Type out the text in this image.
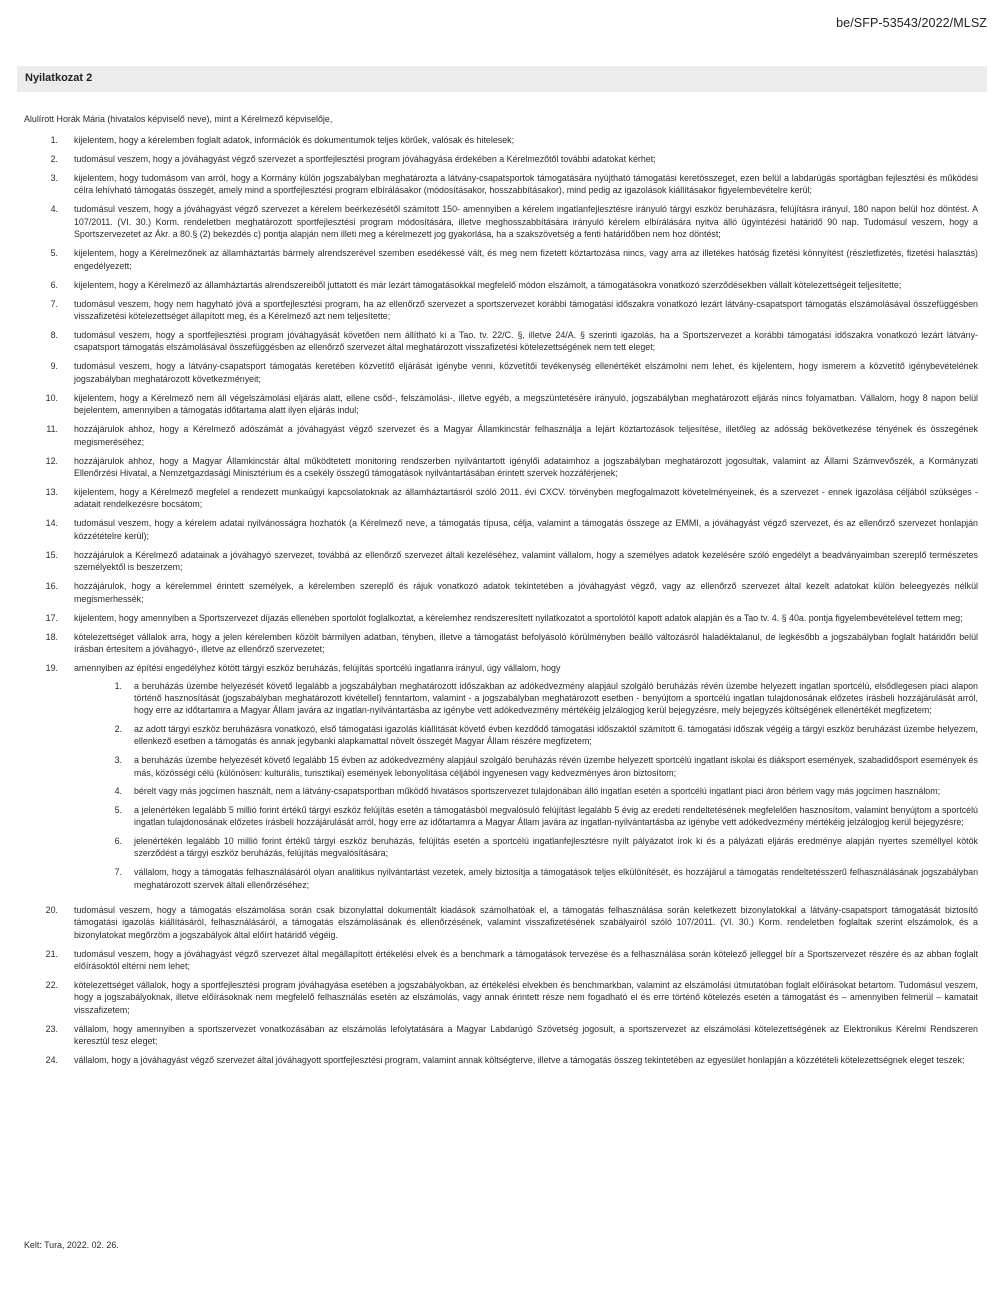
be/SFP-53543/2022/MLSZ
Nyilatkozat 2
Alulírott Horák Mária (hivatalos képviselő neve), mint a Kérelmező képviselője,
1.	kijelentem, hogy a kérelemben foglalt adatok, információk és dokumentumok teljes körűek, valósak és hitelesek;
2.	tudomásul veszem, hogy a jóváhagyást végző szervezet a sportfejlesztési program jóváhagyása érdekében a Kérelmezőtől további adatokat kérhet;
3.	kijelentem, hogy tudomásom van arról, hogy a Kormány külön jogszabályban meghatározta a látvány-csapatsportok támogatására nyújtható támogatási keretösszeget, ezen belül a labdarúgás sportágban fejlesztési és működési célra lehívható támogatás összegét, amely mind a sportfejlesztési program elbírálásakor (módosításakor, hosszabbításakor), mind pedig az igazolások kiállításakor figyelembevételre kerül;
4.	tudomásul veszem, hogy a jóváhagyást végző szervezet a kérelem beérkezésétől számított 150- amennyiben a kérelem ingatlanfejlesztésre irányuló tárgyi eszköz beruházásra, felújításra irányul, 180 napon belül hoz döntést. A 107/2011. (VI. 30.) Korm. rendeletben meghatározott sportfejlesztési program módosítására, illetve meghosszabbítására irányuló kérelem elbírálására nyitva álló ügyintézési határidő 90 nap. Tudomásul veszem, hogy a Sportszervezetet az Ákr. a 80.§ (2) bekezdés c) pontja alapján nem illeti meg a kérelmezett jog gyakorlása, ha a szakszövetség a fenti határidőben nem hoz döntést;
5.	kijelentem, hogy a Kérelmezőnek az államháztartás bármely alrendszerével szemben esedékessé vált, és meg nem fizetett köztartozása nincs, vagy arra az illetékes hatóság fizetési könnyítést (részletfizetés, fizetési halasztás) engedélyezett;
6.	kijelentem, hogy a Kérelmező az államháztartás alrendszereiből juttatott és már lezárt támogatásokkal megfelelő módon elszámolt, a támogatásokra vonatkozó szerződésekben vállalt kötelezettségeit teljesítette;
7.	tudomásul veszem, hogy nem hagyható jóvá a sportfejlesztési program, ha az ellenőrző szervezet a sportszervezet korábbi támogatási időszakra vonatkozó lezárt látvány-csapatsport támogatás elszámolásával összefüggésben visszafizetési kötelezettséget állapított meg, és a Kérelmező azt nem teljesítette;
8.	tudomásul veszem, hogy a sportfejlesztési program jóváhagyását követően nem állítható ki a Tao. tv. 22/C. §, illetve 24/A. § szerinti igazolás, ha a Sportszervezet a korábbi támogatási időszakra vonatkozó lezárt látvány-csapatsport támogatás elszámolásával összefüggésben az ellenőrző szervezet által meghatározott visszafizetési kötelezettségének nem tett eleget;
9.	tudomásul veszem, hogy a látvány-csapatsport támogatás keretében közvetítő eljárását igénybe venni, közvetítői tevékenység ellenértékét elszámolni nem lehet, és kijelentem, hogy ismerem a közvetítő igénybevételének jogszabályban meghatározott következményeit;
10.	kijelentem, hogy a Kérelmező nem áll végelszámolási eljárás alatt, ellene csőd-, felszámolási-, illetve egyéb, a megszüntetésére irányuló, jogszabályban meghatározott eljárás nincs folyamatban. Vállalom, hogy 8 napon belül bejelentem, amennyiben a támogatás időtartama alatt ilyen eljárás indul;
11.	hozzájárulok ahhoz, hogy a Kérelmező adószámát a jóváhagyást végző szervezet és a Magyar Államkincstár felhasználja a lejárt köztartozások teljesítése, illetőleg az adósság bekövetkezése tényének és összegének megismeréséhez;
12.	hozzájárulok ahhoz, hogy a Magyar Államkincstár által működtetett monitoring rendszerben nyilvántartott igénylői adataimhoz a jogszabályban meghatározott jogosultak, valamint az Állami Számvevőszék, a Kormányzati Ellenőrzési Hivatal, a Nemzetgazdasági Minisztérium és a csekély összegű támogatások nyilvántartásában érintett szervek hozzáférjenek;
13.	kijelentem, hogy a Kérelmező megfelel a rendezett munkaügyi kapcsolatoknak az államháztartásról szóló 2011. évi CXCV. törvényben megfogalmazott követelményeinek, és a szervezet - ennek igazolása céljából szükséges - adatait rendelkezésre bocsátom;
14.	tudomásul veszem, hogy a kérelem adatai nyilvánosságra hozhatók (a Kérelmező neve, a támogatás típusa, célja, valamint a támogatás összege az EMMI, a jóváhagyást végző szervezet, és az ellenőrző szervezet honlapján közzétételre kerül);
15.	hozzájárulok a Kérelmező adatainak a jóváhagyó szervezet, továbbá az ellenőrző szervezet általi kezeléséhez, valamint vállalom, hogy a személyes adatok kezelésére szóló engedélyt a beadványaimban szereplő természetes személyektől is beszerzem;
16.	hozzájárulok, hogy a kérelemmel érintett személyek, a kérelemben szereplő és rájuk vonatkozó adatok tekintetében a jóváhagyást végző, vagy az ellenőrző szervezet által kezelt adatokat külön beleegyezés nélkül megismerhessék;
17.	kijelentem, hogy amennyiben a Sportszervezet díjazás ellenében sportolót foglalkoztat, a kérelemhez rendszeresített nyilatkozatot a sportolótól kapott adatok alapján és a Tao tv. 4. § 40a. pontja figyelembevételével tettem meg;
18.	kötelezettséget vállalok arra, hogy a jelen kérelemben közölt bármilyen adatban, tényben, illetve a támogatást befolyásoló körülményben beálló változásról haladéktalanul, de legkésőbb a jogszabályban foglalt határidőn belül írásban értesítem a jóváhagyó-, illetve az ellenőrző szervezetet;
19.	amennyiben az építési engedélyhez kötött tárgyi eszköz beruházás, felújítás sportcélú ingatlanra irányul, úgy vállalom, hogy
1.	a beruházás üzembe helyezését követő legalább a jogszabályban meghatározott időszakban az adókedvezmény alapjául szolgáló beruházás révén üzembe helyezett ingatlan sportcélú, elsődlegesen piaci alapon történő hasznosítását (jogszabályban meghatározott kivétellel) fenntartom, valamint - a jogszabályban meghatározott esetben - benyújtom a sportcélú ingatlan tulajdonosának előzetes írásbeli hozzájárulását arról, hogy erre az időtartamra a Magyar Állam javára az ingatlan-nyilvántartásba az igénybe vett adókedvezmény mértékéig jelzálogjog kerül bejegyzésre, mely bejegyzés költségének ellenértékét megfizetem;
2.	az adott tárgyi eszköz beruházásra vonatkozó, első támogatási igazolás kiállítását követő évben kezdődő támogatási időszaktól számított 6. támogatási időszak végéig a tárgyi eszköz beruházást üzembe helyezem, ellenkező esetben a támogatás és annak jegybanki alapkamattal növelt összegét Magyar Állam részére megfizetem;
3.	a beruházás üzembe helyezését követő legalább 15 évben az adókedvezmény alapjául szolgáló beruházás révén üzembe helyezett sportcélú ingatlant iskolai és diáksport események, szabadidősport események és más, közösségi célú (különösen: kulturális, turisztikai) események lebonyolítása céljából ingyenesen vagy kedvezményes áron biztosítom;
4.	bérelt vagy más jogcímen használt, nem a látvány-csapatsportban működő hivatásos sportszervezet tulajdonában álló ingatlan esetén a sportcélú ingatlant piaci áron bérlem vagy más jogcímen használom;
5.	a jelenértéken legalább 5 millió forint értékű tárgyi eszköz felújítás esetén a támogatásból megvalósuló felújítást legalább 5 évig az eredeti rendeltetésének megfelelően hasznosítom, valamint benyújtom a sportcélú ingatlan tulajdonosának előzetes írásbeli hozzájárulását arról, hogy erre az időtartamra a Magyar Állam javára az ingatlan-nyilvántartásba az igénybe vett adókedvezmény mértékéig jelzálogjog kerül bejegyzésre;
6.	jelenértékén legalább 10 millió forint értékű tárgyi eszköz beruházás, felújítás esetén a sportcélú ingatlanfejlesztésre nyílt pályázatot írok ki és a pályázati eljárás eredménye alapján nyertes személlyel kötök szerződést a tárgyi eszköz beruházás, felújítás megvalósítására;
7.	vállalom, hogy a támogatás felhasználásáról olyan analitikus nyilvántartást vezetek, amely biztosítja a támogatások teljes elkülönítését, és hozzájárul a támogatás rendeltetésszerű felhasználásának jogszabályban meghatározott szervek általi ellenőrzéséhez;
20.	tudomásul veszem, hogy a támogatás elszámolása során csak bizonylattal dokumentált kiadások számolhatóak el, a támogatás felhasználása során keletkezett bizonylatokkal a látvány-csapatsport támogatását biztosító támogatási igazolás kiállításáról, felhasználásáról, a támogatás elszámolásának és ellenőrzésének, valamint visszafizetésének szabályairól szóló 107/2011. (VI. 30.) Korm. rendeletben foglaltak szerint elszámolok, és a bizonylatokat megőrzöm a jogszabályok által előírt határidő végéig.
21.	tudomásul veszem, hogy a jóváhagyást végző szervezet által megállapított értékelési elvek és a benchmark a támogatások tervezése és a felhasználása során kötelező jelleggel bír a Sportszervezet részére és az abban foglalt előírásoktól eltérni nem lehet;
22.	kötelezettséget vállalok, hogy a sportfejlesztési program jóváhagyása esetében a jogszabályokban, az értékelési elvekben és benchmarkban, valamint az elszámolási útmutatóban foglalt előírásokat betartom. Tudomásul veszem, hogy a jogszabályoknak, illetve előírásoknak nem megfelelő felhasználás esetén az elszámolás, vagy annak érintett része nem fogadható el és erre történő kötelezés esetén a támogatást és – amennyiben felmerül – kamatait visszafizetem;
23.	vállalom, hogy amennyiben a sportszervezet vonatkozásában az elszámolás lefolytatására a Magyar Labdarúgó Szövetség jogosult, a sportszervezet az elszámolási kötelezettségének az Elektronikus Kérelmi Rendszeren keresztül tesz eleget;
24.	vállalom, hogy a jóváhagyást végző szervezet által jóváhagyott sportfejlesztési program, valamint annak költségterve, illetve a támogatás összeg tekintetében az egyesület honlapján a közzétételi kötelezettségnek eleget teszek;
Kelt: Tura, 2022. 02. 26.
